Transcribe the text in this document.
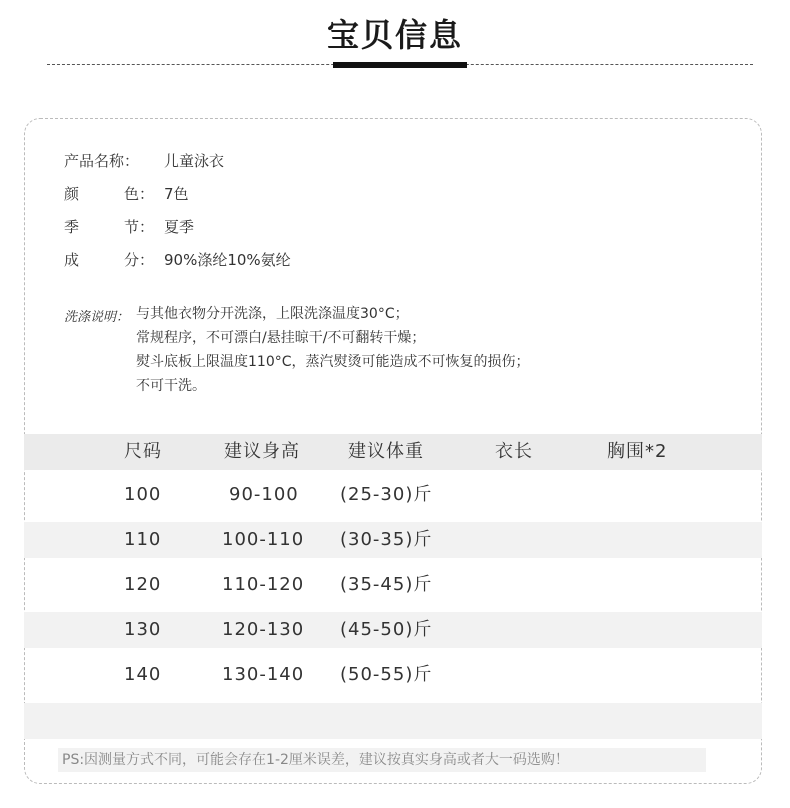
宝贝信息
产品名称： 儿童泳衣
颜	色： 7色
季	节： 夏季
成	分： 90%涤纶10%氨纶
洗涤说明： 与其他衣物分开洗涤，上限洗涤温度30°C；
常规程序，不可漂白/悬挂晾干/不可翻转干燥；
熨斗底板上限温度110°C，蒸汽熨烫可能造成不可恢复的损伤；
不可干洗。
尺码	建议身高	建议体重	衣长	胸围*2
100	90-100	(25-30)斤
110	100-110	(30-35)斤
120	110-120	(35-45)斤
130	120-130	(45-50)斤
140	130-140	(50-55)斤
PS:因测量方式不同，可能会存在1-2厘米误差，建议按真实身高或者大一码选购！
